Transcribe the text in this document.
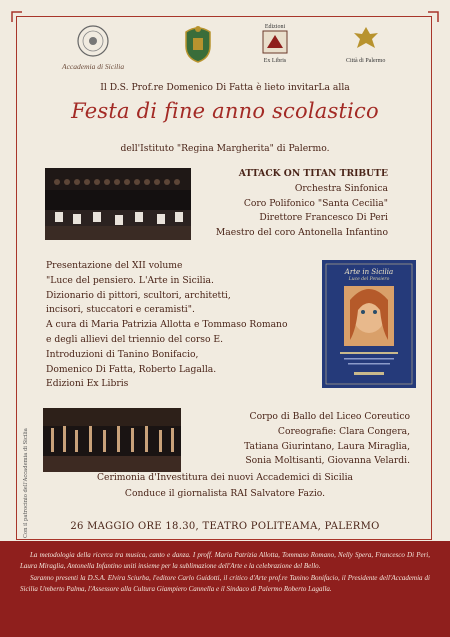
Accademia di Sicilia
Edizioni
Ex Libris	Città di Palermo
Il D.S. Prof.re Domenico Di Fatta è lieto invitarLa alla
Festa di fine anno scolastico
dell'Istituto "Regina Margherita" di Palermo.
ATTACK ON TITAN TRIBUTE
Orchestra Sinfonica
Coro Polifonico "Santa Cecilia"
Direttore Francesco Di Peri
Maestro del coro Antonella Infantino
Presentazione del XII volume
"Luce del pensiero. L'Arte in Sicilia.
Dizionario di pittori, scultori, architetti,
incisori, stuccatori e ceramisti".
A cura di Maria Patrizia Allotta e Tommaso Romano
e degli allievi del triennio del corso E.
Introduzioni di Tanino Bonifacio,
Domenico Di Fatta, Roberto Lagalla.
Edizioni Ex Libris
Arte in Sicilia
Luce del Pensiero
Corpo di Ballo del Liceo Coreutico
Coreografie: Clara Congera,
Tatiana Giurintano, Laura Miraglia,
Sonia Moltisanti, Giovanna Velardi.
Cerimonia d'Investitura dei nuovi Accademici di Sicilia
Conduce il giornalista RAI Salvatore Fazio.
26 MAGGIO ORE 18.30, TEATRO POLITEAMA, PALERMO
Con il patrocinio dell'Accademia di Sicilia

La metodologia della ricerca tra musica, canto e danza. I proff. Maria Patrizia Allotta, Tommaso Romano, Nelly Spera, Francesco Di Peri, Laura Miraglia, Antonella Infantino uniti insieme per la sublimazione dell'Arte e la celebrazione del Bello.

Saranno presenti la D.S.A. Elvira Sciurba, l'editore Carlo Guidotti, il critico d'Arte prof.re Tanino Bonifacio, il Presidente dell'Accademia di Sicilia Umberto Palma, l'Assessore alla Cultura Giampiero Cannella e il Sindaco di Palermo Roberto Lagalla.
